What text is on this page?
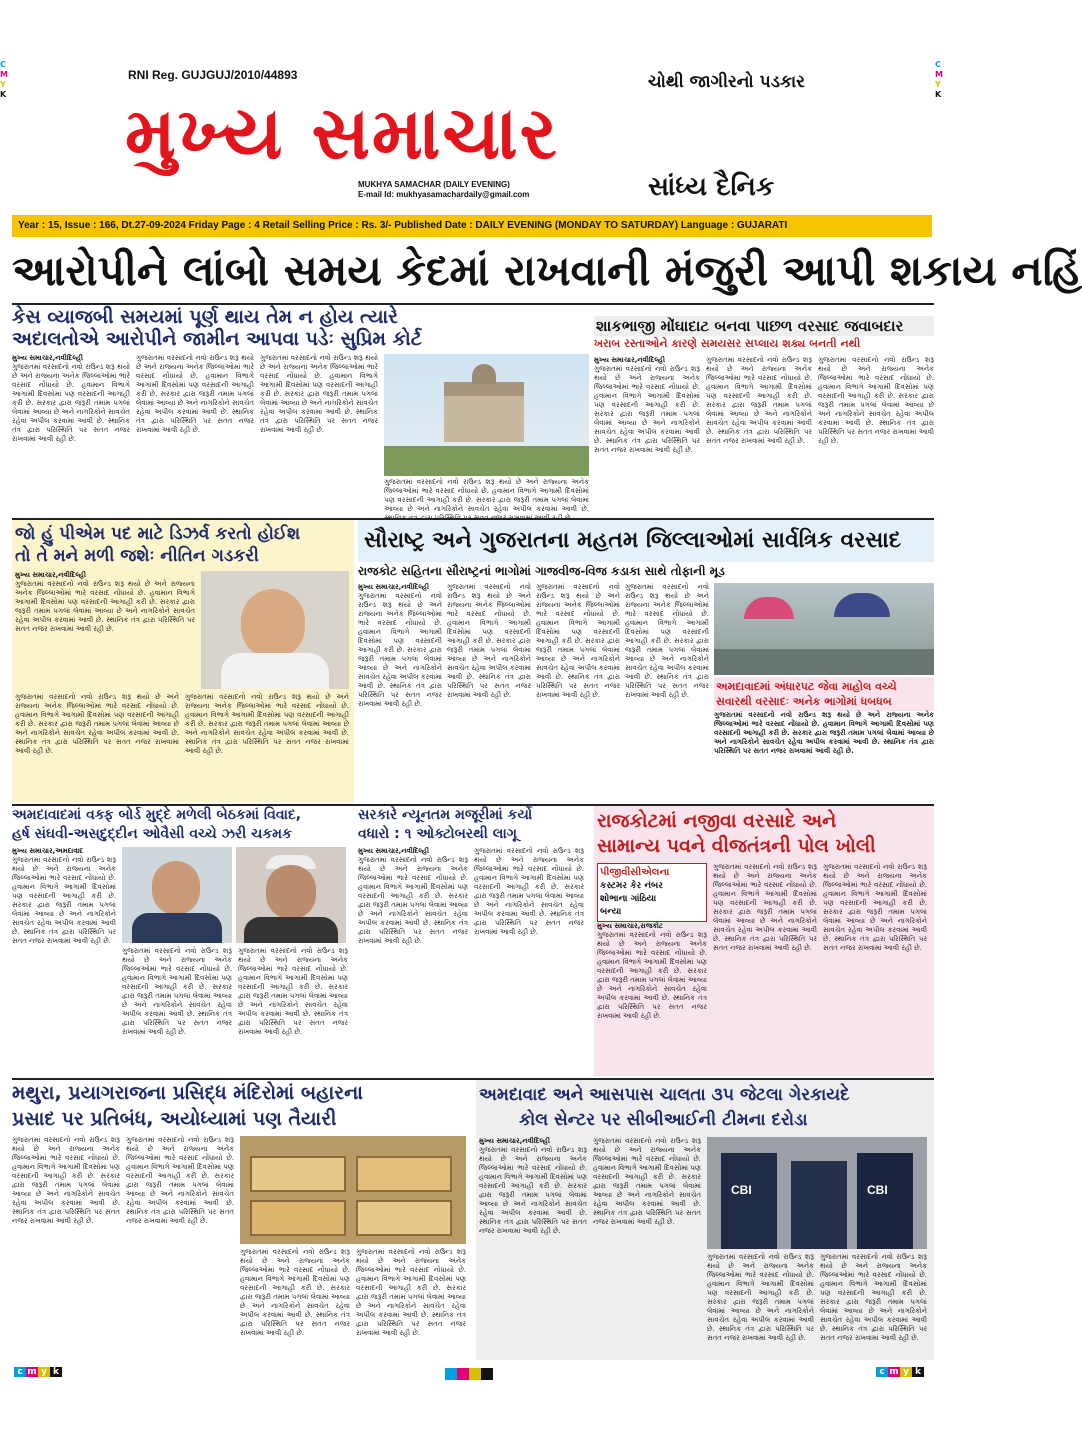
C
M
Y
K
C
M
Y
K
RNI Reg. GUJGUJ/2010/44893	ચોથી જાગીરનો પડકાર
મુખ્ય સમાચાર
MUKHYA SAMACHAR (DAILY EVENING)
E-mail Id: mukhyasamachardaily@gmail.com	સાંધ્ય દૈનિક
Year : 15, Issue : 166, Dt.27-09-2024 Friday Page : 4 Retail Selling Price : Rs. 3/- Published Date : DAILY EVENING (MONDAY TO SATURDAY) Language : GUJARATI
આરોપીને લાંબો સમય કેદમાં રાખવાની મંજુરી આપી શકાય નહિં
કેસ વ્યાજબી સમયમાં પૂર્ણ થાય તેમ ન હોય ત્યારે
અદાલતોએ આરોપીને જામીન આપવા પડેઃ સુપ્રિમ કોર્ટ
મુખ્ય સમાચાર,નવીદિલ્હી
ગુજરાતમાં વરસાદનો નવો રાઉન્ડ શરૂ થયો છે અને રાજ્યના અનેક જિલ્લાઓમાં ભારે વરસાદ નોંધાયો છે. હવામાન વિભાગે આગામી દિવસોમાં પણ વરસાદની આગાહી કરી છે. સરકાર દ્વારા જરૂરી તમામ પગલાં લેવામાં આવ્યા છે અને નાગરિકોને સાવચેત રહેવા અપીલ કરવામાં આવી છે. સ્થાનિક તંત્ર દ્વારા પરિસ્થિતિ પર સતત નજર રાખવામાં આવી રહી છે.
ગુજરાતમાં વરસાદનો નવો રાઉન્ડ શરૂ થયો છે અને રાજ્યના અનેક જિલ્લાઓમાં ભારે વરસાદ નોંધાયો છે. હવામાન વિભાગે આગામી દિવસોમાં પણ વરસાદની આગાહી કરી છે. સરકાર દ્વારા જરૂરી તમામ પગલાં લેવામાં આવ્યા છે અને નાગરિકોને સાવચેત રહેવા અપીલ કરવામાં આવી છે. સ્થાનિક તંત્ર દ્વારા પરિસ્થિતિ પર સતત નજર રાખવામાં આવી રહી છે.
ગુજરાતમાં વરસાદનો નવો રાઉન્ડ શરૂ થયો છે અને રાજ્યના અનેક જિલ્લાઓમાં ભારે વરસાદ નોંધાયો છે. હવામાન વિભાગે આગામી દિવસોમાં પણ વરસાદની આગાહી કરી છે. સરકાર દ્વારા જરૂરી તમામ પગલાં લેવામાં આવ્યા છે અને નાગરિકોને સાવચેત રહેવા અપીલ કરવામાં આવી છે. સ્થાનિક તંત્ર દ્વારા પરિસ્થિતિ પર સતત નજર રાખવામાં આવી રહી છે.
ગુજરાતમાં વરસાદનો નવો રાઉન્ડ શરૂ થયો છે અને રાજ્યના અનેક જિલ્લાઓમાં ભારે વરસાદ નોંધાયો છે. હવામાન વિભાગે આગામી દિવસોમાં પણ વરસાદની આગાહી કરી છે. સરકાર દ્વારા જરૂરી તમામ પગલાં લેવામાં આવ્યા છે અને નાગરિકોને સાવચેત રહેવા અપીલ કરવામાં આવી છે.
શાકભાજી મોંઘાદાટ બનવા પાછળ વરસાદ જવાબદાર
ખરાબ રસ્તાઓને કારણે સમયસર સપ્લાય શક્ય બનતી નથી
મુખ્ય સમાચાર,નવીદિલ્હી
ગુજરાતમાં વરસાદનો નવો રાઉન્ડ શરૂ થયો છે અને રાજ્યના અનેક જિલ્લાઓમાં ભારે વરસાદ નોંધાયો છે. હવામાન વિભાગે આગામી દિવસોમાં પણ વરસાદની આગાહી કરી છે. સરકાર દ્વારા જરૂરી તમામ પગલાં લેવામાં આવ્યા છે અને નાગરિકોને સાવચેત રહેવા અપીલ કરવામાં આવી છે. સ્થાનિક તંત્ર દ્વારા પરિસ્થિતિ પર સતત નજર રાખવામાં આવી રહી છે.
ગુજરાતમાં વરસાદનો નવો રાઉન્ડ શરૂ થયો છે અને રાજ્યના અનેક જિલ્લાઓમાં ભારે વરસાદ નોંધાયો છે. હવામાન વિભાગે આગામી દિવસોમાં પણ વરસાદની આગાહી કરી છે. સરકાર દ્વારા જરૂરી તમામ પગલાં લેવામાં આવ્યા છે અને નાગરિકોને સાવચેત રહેવા અપીલ કરવામાં આવી છે. સ્થાનિક તંત્ર દ્વારા પરિસ્થિતિ પર સતત નજર રાખવામાં આવી રહી છે.
ગુજરાતમાં વરસાદનો નવો રાઉન્ડ શરૂ થયો છે અને રાજ્યના અનેક જિલ્લાઓમાં ભારે વરસાદ નોંધાયો છે. હવામાન વિભાગે આગામી દિવસોમાં પણ વરસાદની આગાહી કરી છે. સરકાર દ્વારા જરૂરી તમામ પગલાં લેવામાં આવ્યા છે અને નાગરિકોને સાવચેત રહેવા અપીલ કરવામાં આવી છે. સ્થાનિક તંત્ર દ્વારા પરિસ્થિતિ પર સતત નજર રાખવામાં આવી રહી છે.
જો હું પીએમ પદ માટે ડિઝર્વ કરતો હોઈશ
તો તે મને મળી જશેઃ નીતિન ગડકરી
મુખ્ય સમાચાર,નવીદિલ્હી
ગુજરાતમાં વરસાદનો નવો રાઉન્ડ શરૂ થયો છે અને રાજ્યના અનેક જિલ્લાઓમાં ભારે વરસાદ નોંધાયો છે. હવામાન વિભાગે આગામી દિવસોમાં પણ વરસાદની આગાહી કરી છે. સરકાર દ્વારા જરૂરી તમામ પગલાં લેવામાં આવ્યા છે અને નાગરિકોને સાવચેત રહેવા અપીલ કરવામાં આવી છે. સ્થાનિક તંત્ર દ્વારા પરિસ્થિતિ પર સતત નજર રાખવામાં આવી રહી છે.
ગુજરાતમાં વરસાદનો નવો રાઉન્ડ શરૂ થયો છે અને રાજ્યના અનેક જિલ્લાઓમાં ભારે વરસાદ નોંધાયો છે. હવામાન વિભાગે આગામી દિવસોમાં પણ વરસાદની આગાહી કરી છે. સરકાર દ્વારા જરૂરી તમામ પગલાં લેવામાં આવ્યા છે અને નાગરિકોને સાવચેત રહેવા અપીલ કરવામાં આવી છે. સ્થાનિક તંત્ર દ્વારા પરિસ્થિતિ પર સતત નજર રાખવામાં આવી રહી છે.
ગુજરાતમાં વરસાદનો નવો રાઉન્ડ શરૂ થયો છે અને રાજ્યના અનેક જિલ્લાઓમાં ભારે વરસાદ નોંધાયો છે. હવામાન વિભાગે આગામી દિવસોમાં પણ વરસાદની આગાહી કરી છે. સરકાર દ્વારા જરૂરી તમામ પગલાં લેવામાં આવ્યા છે અને નાગરિકોને સાવચેત રહેવા અપીલ કરવામાં આવી છે. સ્થાનિક તંત્ર દ્વારા પરિસ્થિતિ પર સતત નજર રાખવામાં આવી રહી છે.
સૌરાષ્ટ્ર અને ગુજરાતના મહતમ જિલ્લાઓમાં સાર્વત્રિક વરસાદ
રાજકોટ સહિતના સૌરાષ્ટ્રનાં ભાગોમાં ગાજવીજ-વિજ કડાકા સાથે તોફાની મૂડ
મુખ્ય સમાચાર,નવીદિલ્હી
ગુજરાતમાં વરસાદનો નવો રાઉન્ડ શરૂ થયો છે અને રાજ્યના અનેક જિલ્લાઓમાં ભારે વરસાદ નોંધાયો છે. હવામાન વિભાગે આગામી દિવસોમાં પણ વરસાદની આગાહી કરી છે. સરકાર દ્વારા જરૂરી તમામ પગલાં લેવામાં આવ્યા છે અને નાગરિકોને સાવચેત રહેવા અપીલ કરવામાં આવી છે. સ્થાનિક તંત્ર દ્વારા પરિસ્થિતિ પર સતત નજર રાખવામાં આવી રહી છે.
ગુજરાતમાં વરસાદનો નવો રાઉન્ડ શરૂ થયો છે અને રાજ્યના અનેક જિલ્લાઓમાં ભારે વરસાદ નોંધાયો છે. હવામાન વિભાગે આગામી દિવસોમાં પણ વરસાદની આગાહી કરી છે. સરકાર દ્વારા જરૂરી તમામ પગલાં લેવામાં આવ્યા છે અને નાગરિકોને સાવચેત રહેવા અપીલ કરવામાં આવી છે. સ્થાનિક તંત્ર દ્વારા પરિસ્થિતિ પર સતત નજર રાખવામાં આવી રહી છે.
ગુજરાતમાં વરસાદનો નવો રાઉન્ડ શરૂ થયો છે અને રાજ્યના અનેક જિલ્લાઓમાં ભારે વરસાદ નોંધાયો છે. હવામાન વિભાગે આગામી દિવસોમાં પણ વરસાદની આગાહી કરી છે. સરકાર દ્વારા જરૂરી તમામ પગલાં લેવામાં આવ્યા છે અને નાગરિકોને સાવચેત રહેવા અપીલ કરવામાં આવી છે. સ્થાનિક તંત્ર દ્વારા પરિસ્થિતિ પર સતત નજર રાખવામાં આવી રહી છે.
ગુજરાતમાં વરસાદનો નવો રાઉન્ડ શરૂ થયો છે અને રાજ્યના અનેક જિલ્લાઓમાં ભારે વરસાદ નોંધાયો છે. હવામાન વિભાગે આગામી દિવસોમાં પણ વરસાદની આગાહી કરી છે. સરકાર દ્વારા જરૂરી તમામ પગલાં લેવામાં આવ્યા છે અને નાગરિકોને સાવચેત રહેવા અપીલ કરવામાં આવી છે. સ્થાનિક તંત્ર દ્વારા પરિસ્થિતિ પર સતત નજર રાખવામાં આવી રહી છે.
અમદાવાદમાં અંધારપટ જેવા માહોલ વચ્ચે
સવારથી વરસાદઃ અનેક ભાગોમાં ધબધબ
ગુજરાતમાં વરસાદનો નવો રાઉન્ડ શરૂ થયો છે અને રાજ્યના અનેક જિલ્લાઓમાં ભારે વરસાદ નોંધાયો છે. હવામાન વિભાગે આગામી દિવસોમાં પણ વરસાદની આગાહી કરી છે. સરકાર દ્વારા જરૂરી તમામ પગલાં લેવામાં આવ્યા છે અને નાગરિકોને સાવચેત રહેવા અપીલ કરવામાં આવી છે. સ્થાનિક તંત્ર દ્વારા પરિસ્થિતિ પર સતત નજર રાખવામાં આવી રહી છે.
અમદાવાદમાં વક્ફ બોર્ડ મુદ્દે મળેલી બેઠકમાં વિવાદ,
હર્ષ સંઘવી-અસદુદ્દીન ઓવૈસી વચ્ચે ઝરી ચકમક
મુખ્ય સમાચાર,અમદાવાદ
ગુજરાતમાં વરસાદનો નવો રાઉન્ડ શરૂ થયો છે અને રાજ્યના અનેક જિલ્લાઓમાં ભારે વરસાદ નોંધાયો છે. હવામાન વિભાગે આગામી દિવસોમાં પણ વરસાદની આગાહી કરી છે. સરકાર દ્વારા જરૂરી તમામ પગલાં લેવામાં આવ્યા છે અને નાગરિકોને સાવચેત રહેવા અપીલ કરવામાં આવી છે. સ્થાનિક તંત્ર દ્વારા પરિસ્થિતિ પર સતત નજર રાખવામાં આવી રહી છે.
ગુજરાતમાં વરસાદનો નવો રાઉન્ડ શરૂ થયો છે અને રાજ્યના અનેક જિલ્લાઓમાં ભારે વરસાદ નોંધાયો છે. હવામાન વિભાગે આગામી દિવસોમાં પણ વરસાદની આગાહી કરી છે. સરકાર દ્વારા જરૂરી તમામ પગલાં લેવામાં આવ્યા છે અને નાગરિકોને સાવચેત રહેવા અપીલ કરવામાં આવી છે. સ્થાનિક તંત્ર દ્વારા પરિસ્થિતિ પર સતત નજર રાખવામાં આવી રહી છે.
ગુજરાતમાં વરસાદનો નવો રાઉન્ડ શરૂ થયો છે અને રાજ્યના અનેક જિલ્લાઓમાં ભારે વરસાદ નોંધાયો છે. હવામાન વિભાગે આગામી દિવસોમાં પણ વરસાદની આગાહી કરી છે. સરકાર દ્વારા જરૂરી તમામ પગલાં લેવામાં આવ્યા છે અને નાગરિકોને સાવચેત રહેવા અપીલ કરવામાં આવી છે. સ્થાનિક તંત્ર દ્વારા પરિસ્થિતિ પર સતત નજર રાખવામાં આવી રહી છે.
સરકારે ન્યૂનતમ મજૂરીમાં કર્યો
વધારો : ૧ ઓક્ટોબરથી લાગૂ
મુખ્ય સમાચાર,નવીદિલ્હી
ગુજરાતમાં વરસાદનો નવો રાઉન્ડ શરૂ થયો છે અને રાજ્યના અનેક જિલ્લાઓમાં ભારે વરસાદ નોંધાયો છે. હવામાન વિભાગે આગામી દિવસોમાં પણ વરસાદની આગાહી કરી છે. સરકાર દ્વારા જરૂરી તમામ પગલાં લેવામાં આવ્યા છે અને નાગરિકોને સાવચેત રહેવા અપીલ કરવામાં આવી છે. સ્થાનિક તંત્ર દ્વારા પરિસ્થિતિ પર સતત નજર રાખવામાં આવી રહી છે.
ગુજરાતમાં વરસાદનો નવો રાઉન્ડ શરૂ થયો છે અને રાજ્યના અનેક જિલ્લાઓમાં ભારે વરસાદ નોંધાયો છે. હવામાન વિભાગે આગામી દિવસોમાં પણ વરસાદની આગાહી કરી છે. સરકાર દ્વારા જરૂરી તમામ પગલાં લેવામાં આવ્યા છે અને નાગરિકોને સાવચેત રહેવા અપીલ કરવામાં આવી છે. સ્થાનિક તંત્ર દ્વારા પરિસ્થિતિ પર સતત નજર રાખવામાં આવી રહી છે.
રાજકોટમાં નજીવા વરસાદે અને
સામાન્ય પવને વીજતંત્રની પોલ ખોલી
પીજીવીસીએલના
કસ્ટમર કેર નંબર
શોભાના ગાંઠિયા
બન્યા
મુખ્ય સમાચાર,રાજકોટ
ગુજરાતમાં વરસાદનો નવો રાઉન્ડ શરૂ થયો છે અને રાજ્યના અનેક જિલ્લાઓમાં ભારે વરસાદ નોંધાયો છે. હવામાન વિભાગે આગામી દિવસોમાં પણ વરસાદની આગાહી કરી છે. સરકાર દ્વારા જરૂરી તમામ પગલાં લેવામાં આવ્યા છે અને નાગરિકોને સાવચેત રહેવા અપીલ કરવામાં આવી છે. સ્થાનિક તંત્ર દ્વારા પરિસ્થિતિ પર સતત નજર રાખવામાં આવી રહી છે.
ગુજરાતમાં વરસાદનો નવો રાઉન્ડ શરૂ થયો છે અને રાજ્યના અનેક જિલ્લાઓમાં ભારે વરસાદ નોંધાયો છે. હવામાન વિભાગે આગામી દિવસોમાં પણ વરસાદની આગાહી કરી છે. સરકાર દ્વારા જરૂરી તમામ પગલાં લેવામાં આવ્યા છે અને નાગરિકોને સાવચેત રહેવા અપીલ કરવામાં આવી છે. સ્થાનિક તંત્ર દ્વારા પરિસ્થિતિ પર સતત નજર રાખવામાં આવી રહી છે.
ગુજરાતમાં વરસાદનો નવો રાઉન્ડ શરૂ થયો છે અને રાજ્યના અનેક જિલ્લાઓમાં ભારે વરસાદ નોંધાયો છે. હવામાન વિભાગે આગામી દિવસોમાં પણ વરસાદની આગાહી કરી છે. સરકાર દ્વારા જરૂરી તમામ પગલાં લેવામાં આવ્યા છે અને નાગરિકોને સાવચેત રહેવા અપીલ કરવામાં આવી છે. સ્થાનિક તંત્ર દ્વારા પરિસ્થિતિ પર સતત નજર રાખવામાં આવી રહી છે.
મથુરા, પ્રયાગરાજના પ્રસિદ્ધ મંદિરોમાં બહારના
પ્રસાદ પર પ્રતિબંધ, અયોધ્યામાં પણ તૈયારી
ગુજરાતમાં વરસાદનો નવો રાઉન્ડ શરૂ થયો છે અને રાજ્યના અનેક જિલ્લાઓમાં ભારે વરસાદ નોંધાયો છે. હવામાન વિભાગે આગામી દિવસોમાં પણ વરસાદની આગાહી કરી છે. સરકાર દ્વારા જરૂરી તમામ પગલાં લેવામાં આવ્યા છે અને નાગરિકોને સાવચેત રહેવા અપીલ કરવામાં આવી છે. સ્થાનિક તંત્ર દ્વારા પરિસ્થિતિ પર સતત નજર રાખવામાં આવી રહી છે.
ગુજરાતમાં વરસાદનો નવો રાઉન્ડ શરૂ થયો છે અને રાજ્યના અનેક જિલ્લાઓમાં ભારે વરસાદ નોંધાયો છે. હવામાન વિભાગે આગામી દિવસોમાં પણ વરસાદની આગાહી કરી છે. સરકાર દ્વારા જરૂરી તમામ પગલાં લેવામાં આવ્યા છે અને નાગરિકોને સાવચેત રહેવા અપીલ કરવામાં આવી છે. સ્થાનિક તંત્ર દ્વારા પરિસ્થિતિ પર સતત નજર રાખવામાં આવી રહી છે.
ગુજરાતમાં વરસાદનો નવો રાઉન્ડ શરૂ થયો છે અને રાજ્યના અનેક જિલ્લાઓમાં ભારે વરસાદ નોંધાયો છે. હવામાન વિભાગે આગામી દિવસોમાં પણ વરસાદની આગાહી કરી છે. સરકાર દ્વારા જરૂરી તમામ પગલાં લેવામાં આવ્યા છે અને નાગરિકોને સાવચેત રહેવા અપીલ કરવામાં આવી છે. સ્થાનિક તંત્ર દ્વારા પરિસ્થિતિ પર સતત નજર રાખવામાં આવી રહી છે.
ગુજરાતમાં વરસાદનો નવો રાઉન્ડ શરૂ થયો છે અને રાજ્યના અનેક જિલ્લાઓમાં ભારે વરસાદ નોંધાયો છે. હવામાન વિભાગે આગામી દિવસોમાં પણ વરસાદની આગાહી કરી છે. સરકાર દ્વારા જરૂરી તમામ પગલાં લેવામાં આવ્યા છે અને નાગરિકોને સાવચેત રહેવા અપીલ કરવામાં આવી છે. સ્થાનિક તંત્ર દ્વારા પરિસ્થિતિ પર સતત નજર રાખવામાં આવી રહી છે.
અમદાવાદ અને આસપાસ ચાલતા ૩૫ જેટલા ગેરકાયદે
કોલ સેન્ટર પર સીબીઆઈની ટીમના દરોડા
મુખ્ય સમાચાર,નવીદિલ્હી
ગુજરાતમાં વરસાદનો નવો રાઉન્ડ શરૂ થયો છે અને રાજ્યના અનેક જિલ્લાઓમાં ભારે વરસાદ નોંધાયો છે. હવામાન વિભાગે આગામી દિવસોમાં પણ વરસાદની આગાહી કરી છે. સરકાર દ્વારા જરૂરી તમામ પગલાં લેવામાં આવ્યા છે અને નાગરિકોને સાવચેત રહેવા અપીલ કરવામાં આવી છે. સ્થાનિક તંત્ર દ્વારા પરિસ્થિતિ પર સતત નજર રાખવામાં આવી રહી છે.
ગુજરાતમાં વરસાદનો નવો રાઉન્ડ શરૂ થયો છે અને રાજ્યના અનેક જિલ્લાઓમાં ભારે વરસાદ નોંધાયો છે. હવામાન વિભાગે આગામી દિવસોમાં પણ વરસાદની આગાહી કરી છે. સરકાર દ્વારા જરૂરી તમામ પગલાં લેવામાં આવ્યા છે અને નાગરિકોને સાવચેત રહેવા અપીલ કરવામાં આવી છે. સ્થાનિક તંત્ર દ્વારા પરિસ્થિતિ પર સતત નજર રાખવામાં આવી રહી છે.
CBI	CBI
ગુજરાતમાં વરસાદનો નવો રાઉન્ડ શરૂ થયો છે અને રાજ્યના અનેક જિલ્લાઓમાં ભારે વરસાદ નોંધાયો છે. હવામાન વિભાગે આગામી દિવસોમાં પણ વરસાદની આગાહી કરી છે. સરકાર દ્વારા જરૂરી તમામ પગલાં લેવામાં આવ્યા છે અને નાગરિકોને સાવચેત રહેવા અપીલ કરવામાં આવી છે. સ્થાનિક તંત્ર દ્વારા પરિસ્થિતિ પર સતત નજર રાખવામાં આવી રહી છે.
ગુજરાતમાં વરસાદનો નવો રાઉન્ડ શરૂ થયો છે અને રાજ્યના અનેક જિલ્લાઓમાં ભારે વરસાદ નોંધાયો છે. હવામાન વિભાગે આગામી દિવસોમાં પણ વરસાદની આગાહી કરી છે. સરકાર દ્વારા જરૂરી તમામ પગલાં લેવામાં આવ્યા છે અને નાગરિકોને સાવચેત રહેવા અપીલ કરવામાં આવી છે. સ્થાનિક તંત્ર દ્વારા પરિસ્થિતિ પર સતત નજર રાખવામાં આવી રહી છે.
c m y k	c m y k
